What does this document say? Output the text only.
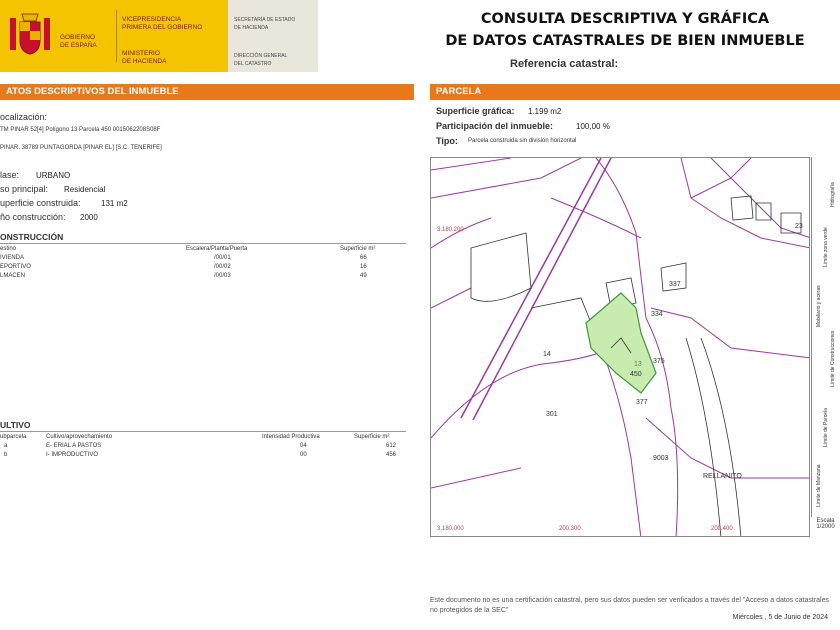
GOBIERNO
DE ESPAÑA
VICEPRESIDENCIA
PRIMERA DEL GOBIERNO
MINISTERIO
DE HACIENDA
SECRETARÍA DE ESTADO
DE HACIENDA
DIRECCIÓN GENERAL
DEL CATASTRO
CONSULTA DESCRIPTIVA Y GRÁFICA
DE DATOS CATASTRALES DE BIEN INMUEBLE
Referencia catastral:
ATOS DESCRIPTIVOS DEL INMUEBLE	PARCELA
ocalización:
TM PINAR 52[4] Polígono 13 Parcela 450 0015062208S08F
PINAR. 38789 PUNTAGORDA [PINAR EL] [S.C. TENERIFE]
lase: URBANO
so principal: Residencial
uperficie construida:	131 m2
ño construcción: 2000
ONSTRUCCIÓN
estino	Escalera/Planta/Puerta	Superficie m²
IVIENDA	/00/01	66
EPORTIVO	/00/02	16
LMACEN	/00/03	49
ULTIVO
ubparcela	Cultivo/aprovechamiento	Intensidad Productiva	Superficie m²
a	E- ERIAL A PASTOS	04	612
b	I- IMPRODUCTIVO	00	456
Superficie gráfica: 1.199 m2
Participación del inmueble:	100,00 %
Tipo: Parcela construida sin división horizontal
337
334
14
375
13
450
377
301
9003
RELLANITO
23
3.180.200
3.180.000	200.300	200.400
Límite de Manzana
Límite de Parcela
Límite de Construcciones
Mobiliario y aceras
Límite zona verde
Hidrografía
Escala
1/2000
Este documento no es una certificación catastral, pero sus datos pueden ser verificados a través del "Acceso a datos catastrales no protegidos de la SEC"
Miércoles , 5 de Junio de 2024
